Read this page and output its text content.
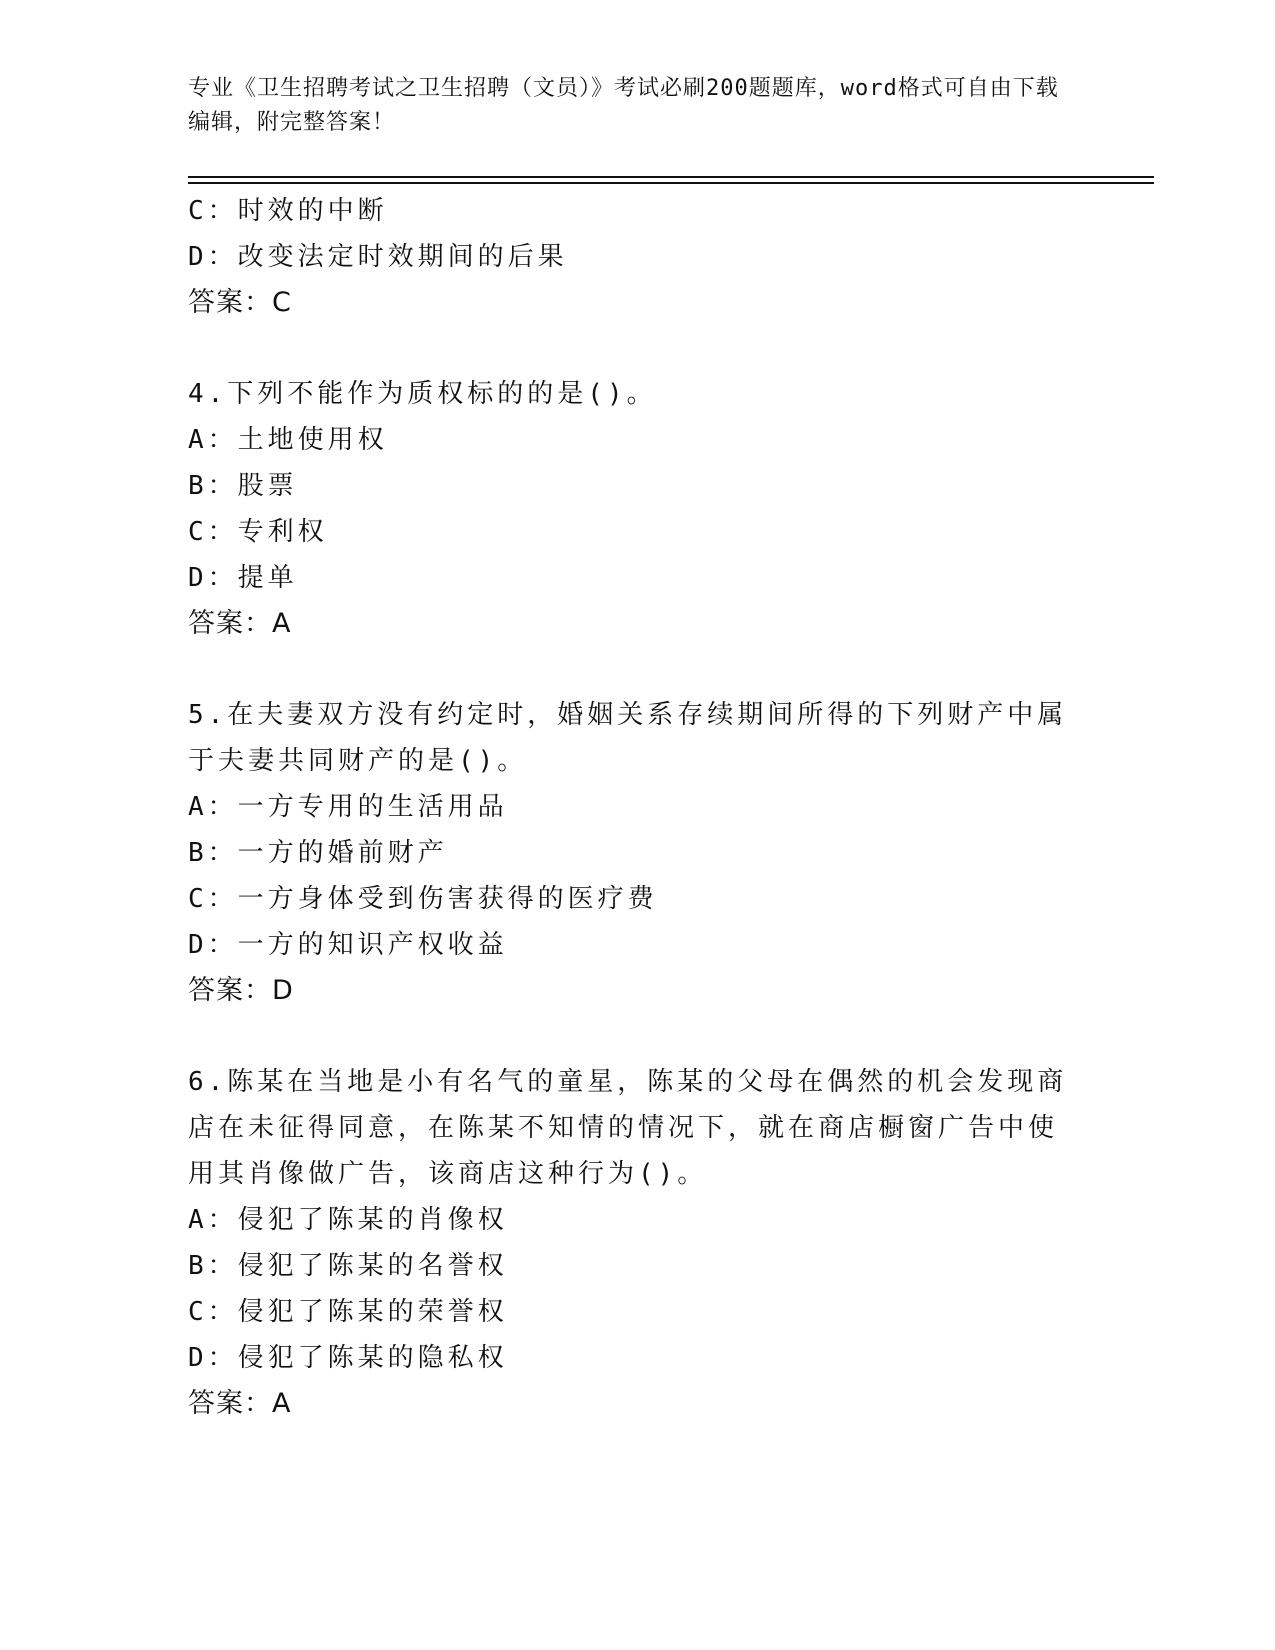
专业《卫生招聘考试之卫生招聘（文员）》考试必刷200题题库，word格式可自由下载编辑，附完整答案！
C：时效的中断
D：改变法定时效期间的后果
答案：C
4.下列不能作为质权标的的是()。
A：土地使用权
B：股票
C：专利权
D：提单
答案：A
5.在夫妻双方没有约定时，婚姻关系存续期间所得的下列财产中属于夫妻共同财产的是()。
A：一方专用的生活用品
B：一方的婚前财产
C：一方身体受到伤害获得的医疗费
D：一方的知识产权收益
答案：D
6.陈某在当地是小有名气的童星，陈某的父母在偶然的机会发现商店在未征得同意，在陈某不知情的情况下，就在商店橱窗广告中使用其肖像做广告，该商店这种行为()。
A：侵犯了陈某的肖像权
B：侵犯了陈某的名誉权
C：侵犯了陈某的荣誉权
D：侵犯了陈某的隐私权
答案：A
